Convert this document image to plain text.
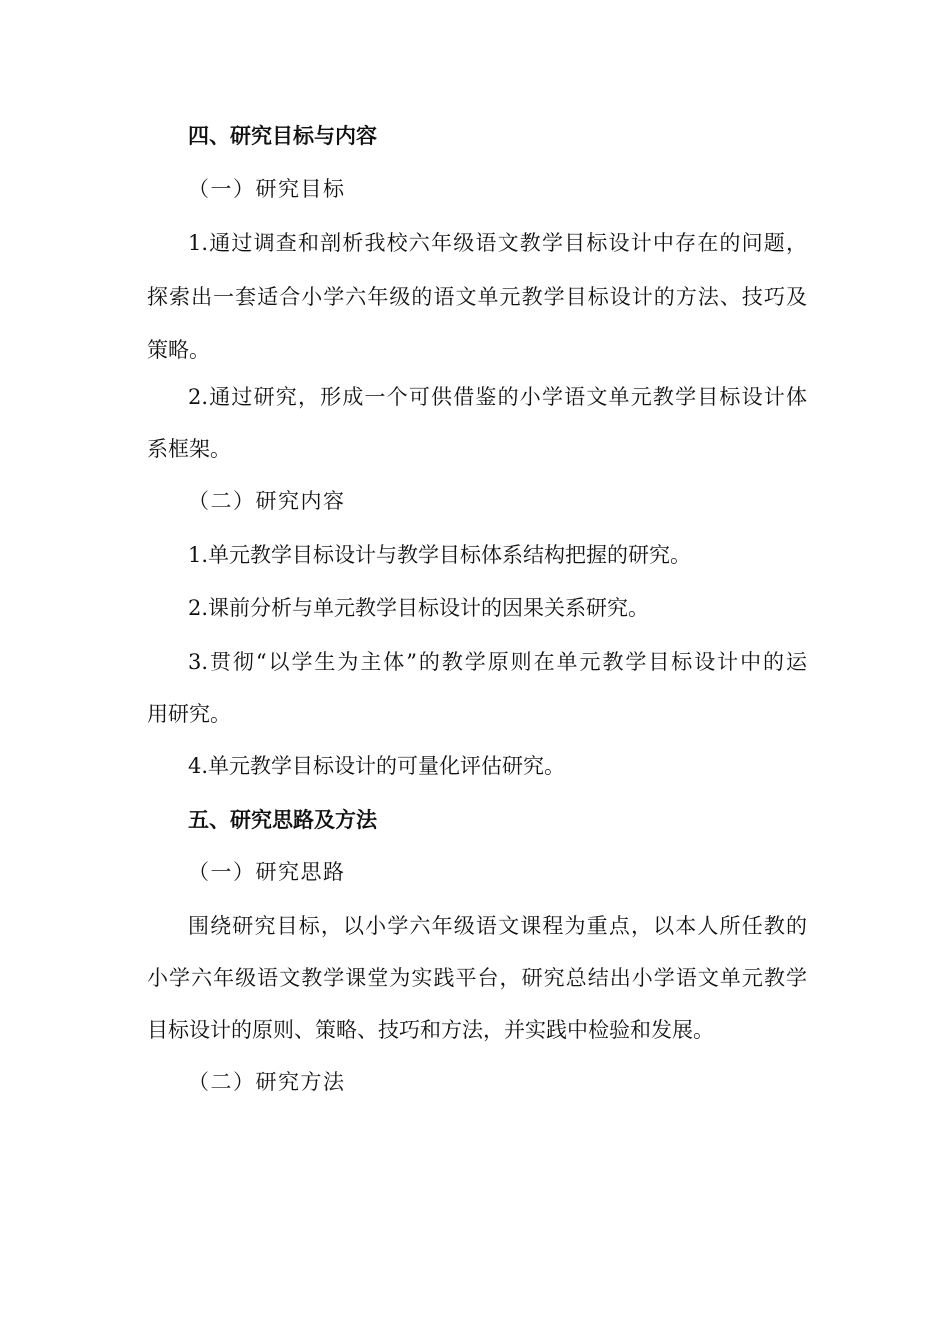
四、研究目标与内容
（一）研究目标
1.通过调查和剖析我校六年级语文教学目标设计中存在的问题，
探索出一套适合小学六年级的语文单元教学目标设计的方法、技巧及
策略。
2.通过研究，形成一个可供借鉴的小学语文单元教学目标设计体
系框架。
（二）研究内容
1.单元教学目标设计与教学目标体系结构把握的研究。
2.课前分析与单元教学目标设计的因果关系研究。
3.贯彻“以学生为主体”的教学原则在单元教学目标设计中的运
用研究。
4.单元教学目标设计的可量化评估研究。
五、研究思路及方法
（一）研究思路
围绕研究目标，以小学六年级语文课程为重点，以本人所任教的
小学六年级语文教学课堂为实践平台，研究总结出小学语文单元教学
目标设计的原则、策略、技巧和方法，并实践中检验和发展。
（二）研究方法
